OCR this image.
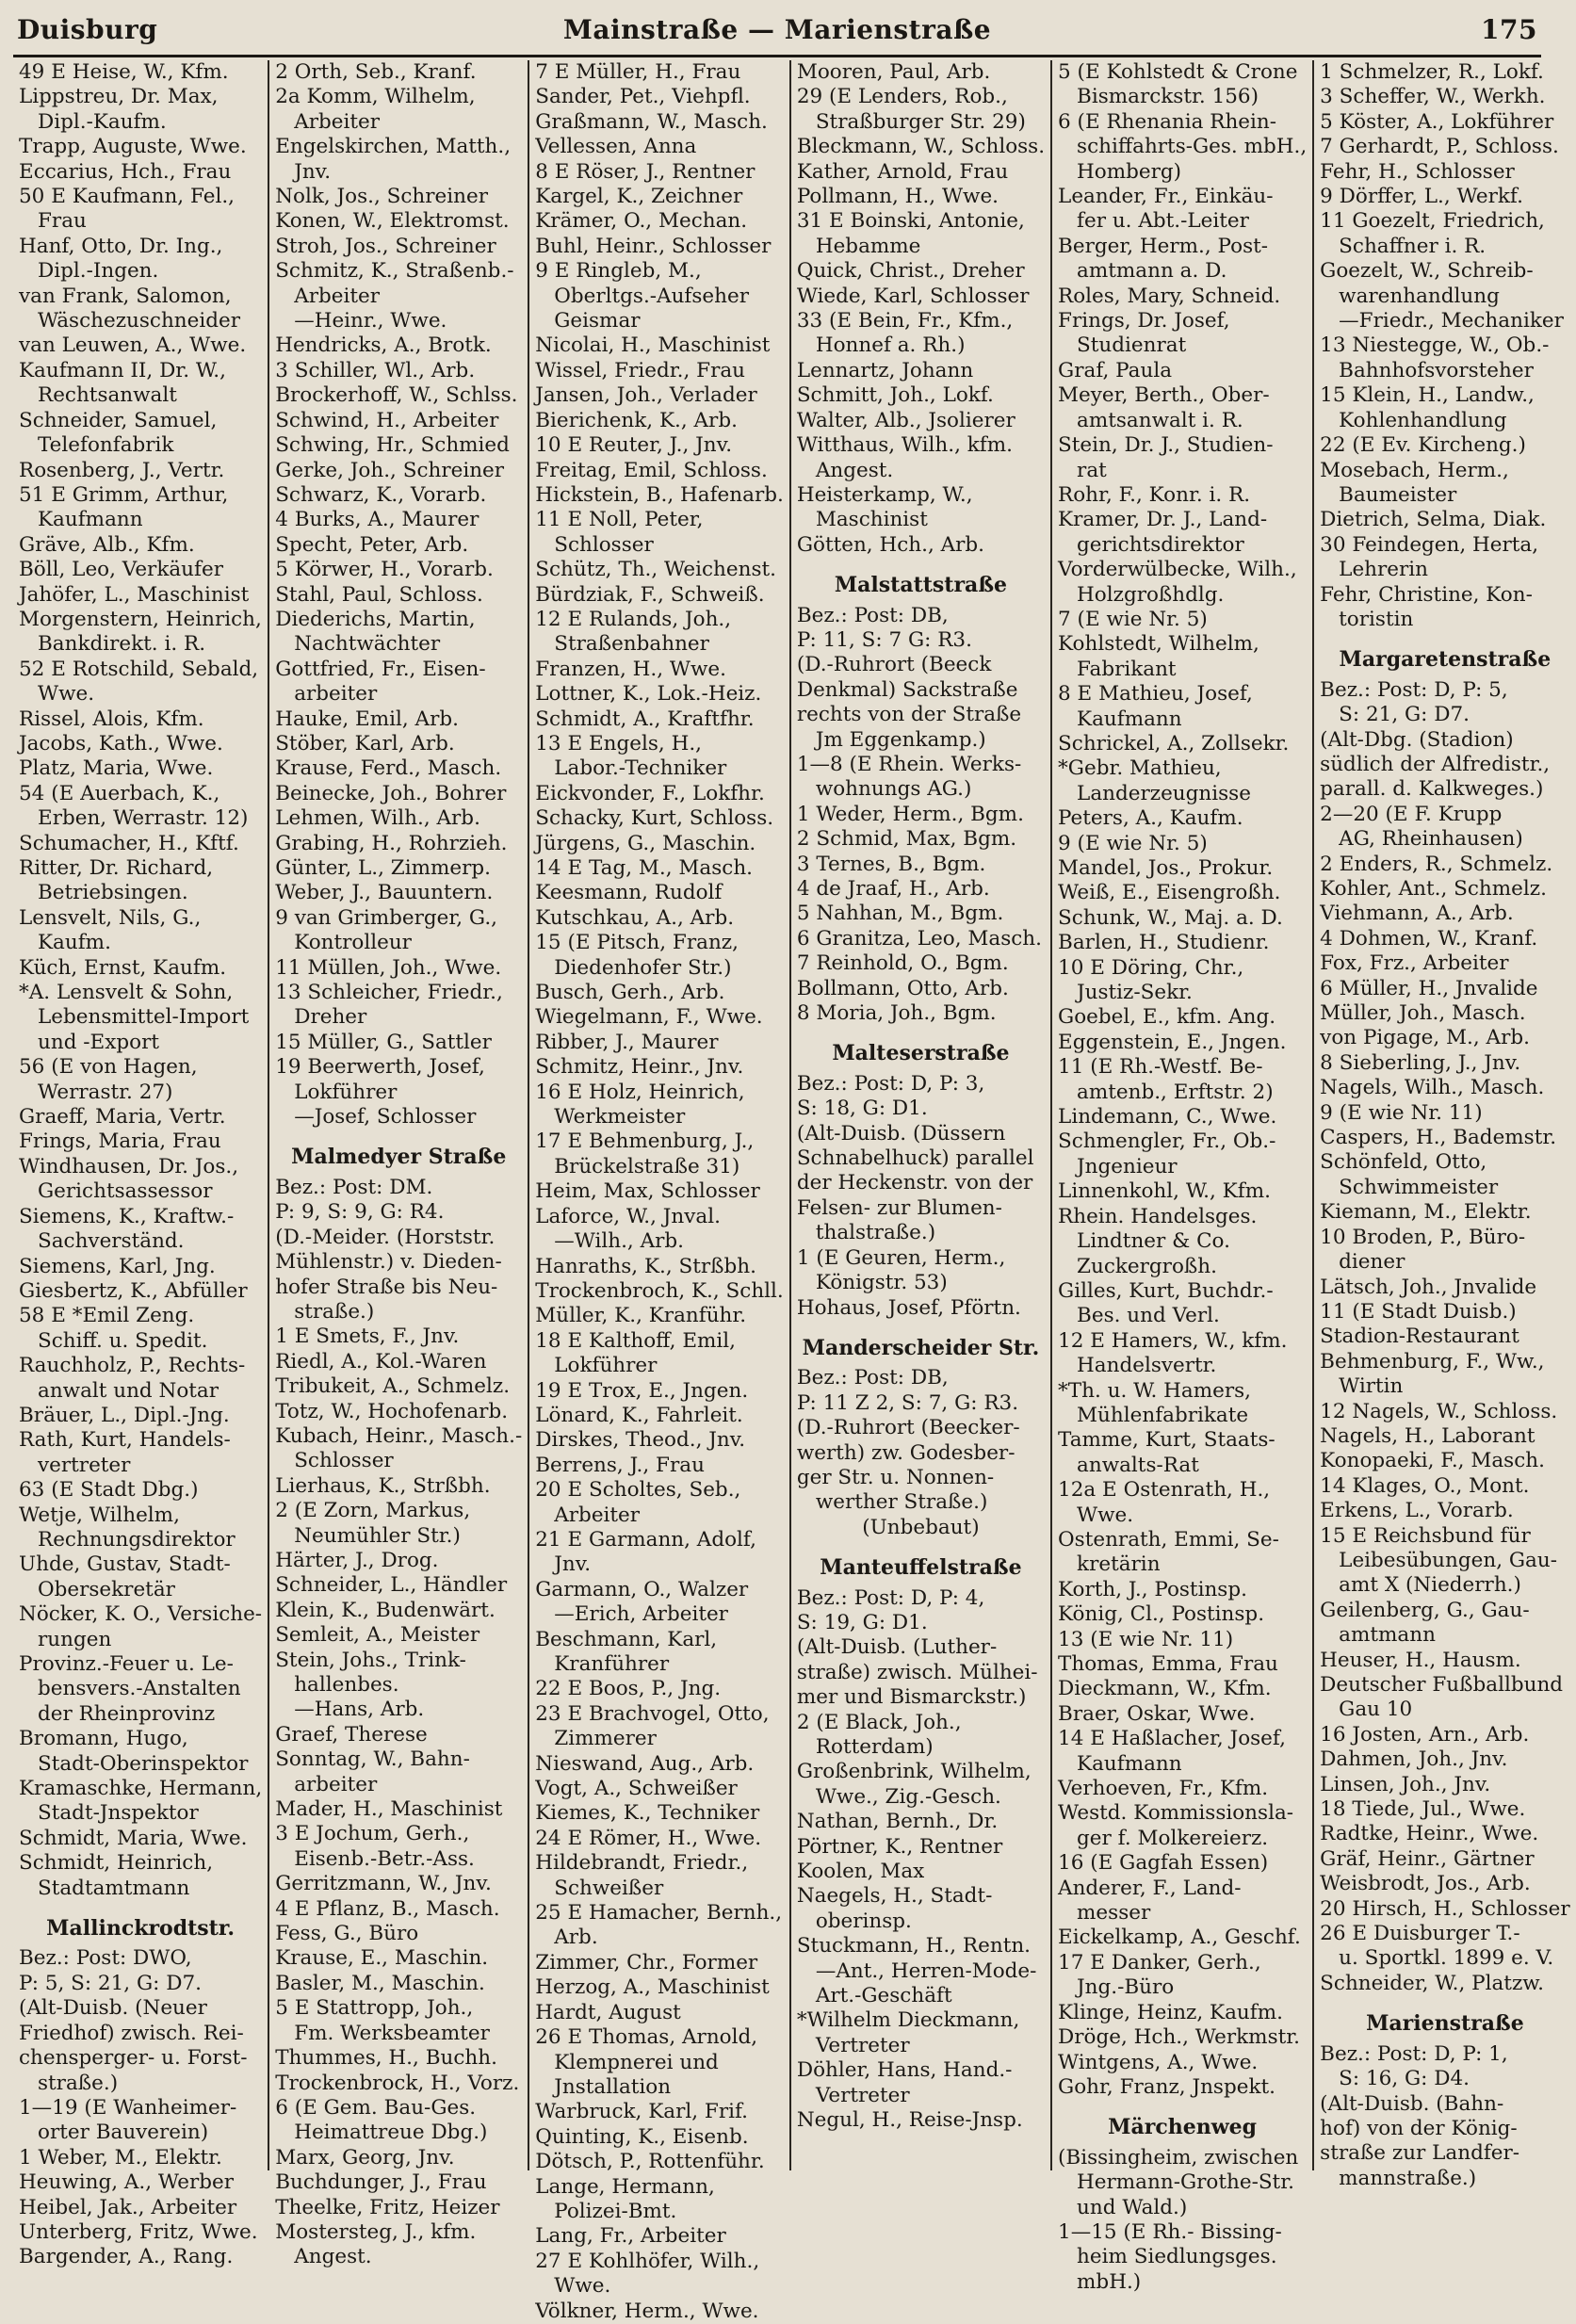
Duisburg	Mainstraße — Marienstraße	175
49 E Heise, W., Kfm.
Lippstreu, Dr. Max,
Dipl.-Kaufm.
Trapp, Auguste, Wwe.
Eccarius, Hch., Frau
50 E Kaufmann, Fel.,
Frau
Hanf, Otto, Dr. Ing.,
Dipl.-Ingen.
van Frank, Salomon,
Wäschezuschneider
van Leuwen, A., Wwe.
Kaufmann II, Dr. W.,
Rechtsanwalt
Schneider, Samuel,
Telefonfabrik
Rosenberg, J., Vertr.
51 E Grimm, Arthur,
Kaufmann
Gräve, Alb., Kfm.
Böll, Leo, Verkäufer
Jahöfer, L., Maschinist
Morgenstern, Heinrich,
Bankdirekt. i. R.
52 E Rotschild, Sebald,
Wwe.
Rissel, Alois, Kfm.
Jacobs, Kath., Wwe.
Platz, Maria, Wwe.
54 (E Auerbach, K.,
Erben, Werrastr. 12)
Schumacher, H., Kftf.
Ritter, Dr. Richard,
Betriebsingen.
Lensvelt, Nils, G.,
Kaufm.
Küch, Ernst, Kaufm.
*A. Lensvelt & Sohn,
Lebensmittel-Import
und -Export
56 (E von Hagen,
Werrastr. 27)
Graeff, Maria, Vertr.
Frings, Maria, Frau
Windhausen, Dr. Jos.,
Gerichtsassessor
Siemens, K., Kraftw.-
Sachverständ.
Siemens, Karl, Jng.
Giesbertz, K., Abfüller
58 E *Emil Zeng.
Schiff. u. Spedit.
Rauchholz, P., Rechts-
anwalt und Notar
Bräuer, L., Dipl.-Jng.
Rath, Kurt, Handels-
vertreter
63 (E Stadt Dbg.)
Wetje, Wilhelm,
Rechnungsdirektor
Uhde, Gustav, Stadt-
Obersekretär
Nöcker, K. O., Versiche-
rungen
Provinz.-Feuer u. Le-
bensvers.-Anstalten
der Rheinprovinz
Bromann, Hugo,
Stadt-Oberinspektor
Kramaschke, Hermann,
Stadt-Jnspektor
Schmidt, Maria, Wwe.
Schmidt, Heinrich,
Stadtamtmann
Mallinckrodtstr.
Bez.: Post: DWO,
P: 5, S: 21, G: D7.
(Alt-Duisb. (Neuer
Friedhof) zwisch. Rei-
chensperger- u. Forst-
straße.)
1—19 (E Wanheimer-
orter Bauverein)
1 Weber, M., Elektr.
Heuwing, A., Werber
Heibel, Jak., Arbeiter
Unterberg, Fritz, Wwe.
Bargender, A., Rang.
2 Orth, Seb., Kranf.
2a Komm, Wilhelm,
Arbeiter
Engelskirchen, Matth.,
Jnv.
Nolk, Jos., Schreiner
Konen, W., Elektromst.
Stroh, Jos., Schreiner
Schmitz, K., Straßenb.-
Arbeiter
—Heinr., Wwe.
Hendricks, A., Brotk.
3 Schiller, Wl., Arb.
Brockerhoff, W., Schlss.
Schwind, H., Arbeiter
Schwing, Hr., Schmied
Gerke, Joh., Schreiner
Schwarz, K., Vorarb.
4 Burks, A., Maurer
Specht, Peter, Arb.
5 Körwer, H., Vorarb.
Stahl, Paul, Schloss.
Diederichs, Martin,
Nachtwächter
Gottfried, Fr., Eisen-
arbeiter
Hauke, Emil, Arb.
Stöber, Karl, Arb.
Krause, Ferd., Masch.
Beinecke, Joh., Bohrer
Lehmen, Wilh., Arb.
Grabing, H., Rohrzieh.
Günter, L., Zimmerp.
Weber, J., Bauuntern.
9 van Grimberger, G.,
Kontrolleur
11 Müllen, Joh., Wwe.
13 Schleicher, Friedr.,
Dreher
15 Müller, G., Sattler
19 Beerwerth, Josef,
Lokführer
—Josef, Schlosser
Malmedyer Straße
Bez.: Post: DM.
P: 9, S: 9, G: R4.
(D.-Meider. (Horststr.
Mühlenstr.) v. Dieden-
hofer Straße bis Neu-
straße.)
1 E Smets, F., Jnv.
Riedl, A., Kol.-Waren
Tribukeit, A., Schmelz.
Totz, W., Hochofenarb.
Kubach, Heinr., Masch.-
Schlosser
Lierhaus, K., Strßbh.
2 (E Zorn, Markus,
Neumühler Str.)
Härter, J., Drog.
Schneider, L., Händler
Klein, K., Budenwärt.
Semleit, A., Meister
Stein, Johs., Trink-
hallenbes.
—Hans, Arb.
Graef, Therese
Sonntag, W., Bahn-
arbeiter
Mader, H., Maschinist
3 E Jochum, Gerh.,
Eisenb.-Betr.-Ass.
Gerritzmann, W., Jnv.
4 E Pflanz, B., Masch.
Fess, G., Büro
Krause, E., Maschin.
Basler, M., Maschin.
5 E Stattropp, Joh.,
Fm. Werksbeamter
Thummes, H., Buchh.
Trockenbrock, H., Vorz.
6 (E Gem. Bau-Ges.
Heimattreue Dbg.)
Marx, Georg, Jnv.
Buchdunger, J., Frau
Theelke, Fritz, Heizer
Mostersteg, J., kfm.
Angest.
7 E Müller, H., Frau
Sander, Pet., Viehpfl.
Graßmann, W., Masch.
Vellessen, Anna
8 E Röser, J., Rentner
Kargel, K., Zeichner
Krämer, O., Mechan.
Buhl, Heinr., Schlosser
9 E Ringleb, M.,
Oberltgs.-Aufseher
Geismar
Nicolai, H., Maschinist
Wissel, Friedr., Frau
Jansen, Joh., Verlader
Bierichenk, K., Arb.
10 E Reuter, J., Jnv.
Freitag, Emil, Schloss.
Hickstein, B., Hafenarb.
11 E Noll, Peter,
Schlosser
Schütz, Th., Weichenst.
Bürdziak, F., Schweiß.
12 E Rulands, Joh.,
Straßenbahner
Franzen, H., Wwe.
Lottner, K., Lok.-Heiz.
Schmidt, A., Kraftfhr.
13 E Engels, H.,
Labor.-Techniker
Eickvonder, F., Lokfhr.
Schacky, Kurt, Schloss.
Jürgens, G., Maschin.
14 E Tag, M., Masch.
Keesmann, Rudolf
Kutschkau, A., Arb.
15 (E Pitsch, Franz,
Diedenhofer Str.)
Busch, Gerh., Arb.
Wiegelmann, F., Wwe.
Ribber, J., Maurer
Schmitz, Heinr., Jnv.
16 E Holz, Heinrich,
Werkmeister
17 E Behmenburg, J.,
Brückelstraße 31)
Heim, Max, Schlosser
Laforce, W., Jnval.
—Wilh., Arb.
Hanraths, K., Strßbh.
Trockenbroch, K., Schll.
Müller, K., Kranführ.
18 E Kalthoff, Emil,
Lokführer
19 E Trox, E., Jngen.
Lönard, K., Fahrleit.
Dirskes, Theod., Jnv.
Berrens, J., Frau
20 E Scholtes, Seb.,
Arbeiter
21 E Garmann, Adolf,
Jnv.
Garmann, O., Walzer
—Erich, Arbeiter
Beschmann, Karl,
Kranführer
22 E Boos, P., Jng.
23 E Brachvogel, Otto,
Zimmerer
Nieswand, Aug., Arb.
Vogt, A., Schweißer
Kiemes, K., Techniker
24 E Römer, H., Wwe.
Hildebrandt, Friedr.,
Schweißer
25 E Hamacher, Bernh.,
Arb.
Zimmer, Chr., Former
Herzog, A., Maschinist
Hardt, August
26 E Thomas, Arnold,
Klempnerei und
Jnstallation
Warbruck, Karl, Frif.
Quinting, K., Eisenb.
Dötsch, P., Rottenführ.
Lange, Hermann,
Polizei-Bmt.
Lang, Fr., Arbeiter
27 E Kohlhöfer, Wilh.,
Wwe.
Völkner, Herm., Wwe.
Mooren, Paul, Arb.
29 (E Lenders, Rob.,
Straßburger Str. 29)
Bleckmann, W., Schloss.
Kather, Arnold, Frau
Pollmann, H., Wwe.
31 E Boinski, Antonie,
Hebamme
Quick, Christ., Dreher
Wiede, Karl, Schlosser
33 (E Bein, Fr., Kfm.,
Honnef a. Rh.)
Lennartz, Johann
Schmitt, Joh., Lokf.
Walter, Alb., Jsolierer
Witthaus, Wilh., kfm.
Angest.
Heisterkamp, W.,
Maschinist
Götten, Hch., Arb.
Malstattstraße
Bez.: Post: DB,
P: 11, S: 7 G: R3.
(D.-Ruhrort (Beeck
Denkmal) Sackstraße
rechts von der Straße
Jm Eggenkamp.)
1—8 (E Rhein. Werks-
wohnungs AG.)
1 Weder, Herm., Bgm.
2 Schmid, Max, Bgm.
3 Ternes, B., Bgm.
4 de Jraaf, H., Arb.
5 Nahhan, M., Bgm.
6 Granitza, Leo, Masch.
7 Reinhold, O., Bgm.
Bollmann, Otto, Arb.
8 Moria, Joh., Bgm.
Malteserstraße
Bez.: Post: D, P: 3,
S: 18, G: D1.
(Alt-Duisb. (Düssern
Schnabelhuck) parallel
der Heckenstr. von der
Felsen- zur Blumen-
thalstraße.)
1 (E Geuren, Herm.,
Königstr. 53)
Hohaus, Josef, Pförtn.
Manderscheider Str.
Bez.: Post: DB,
P: 11 Z 2, S: 7, G: R3.
(D.-Ruhrort (Beecker-
werth) zw. Godesber-
ger Str. u. Nonnen-
werther Straße.)
(Unbebaut)
Manteuffelstraße
Bez.: Post: D, P: 4,
S: 19, G: D1.
(Alt-Duisb. (Luther-
straße) zwisch. Mülhei-
mer und Bismarckstr.)
2 (E Black, Joh.,
Rotterdam)
Großenbrink, Wilhelm,
Wwe., Zig.-Gesch.
Nathan, Bernh., Dr.
Pörtner, K., Rentner
Koolen, Max
Naegels, H., Stadt-
oberinsp.
Stuckmann, H., Rentn.
—Ant., Herren-Mode-
Art.-Geschäft
*Wilhelm Dieckmann,
Vertreter
Döhler, Hans, Hand.-
Vertreter
Negul, H., Reise-Jnsp.
5 (E Kohlstedt & Crone
Bismarckstr. 156)
6 (E Rhenania Rhein-
schiffahrts-Ges. mbH.,
Homberg)
Leander, Fr., Einkäu-
fer u. Abt.-Leiter
Berger, Herm., Post-
amtmann a. D.
Roles, Mary, Schneid.
Frings, Dr. Josef,
Studienrat
Graf, Paula
Meyer, Berth., Ober-
amtsanwalt i. R.
Stein, Dr. J., Studien-
rat
Rohr, F., Konr. i. R.
Kramer, Dr. J., Land-
gerichtsdirektor
Vorderwülbecke, Wilh.,
Holzgroßhdlg.
7 (E wie Nr. 5)
Kohlstedt, Wilhelm,
Fabrikant
8 E Mathieu, Josef,
Kaufmann
Schrickel, A., Zollsekr.
*Gebr. Mathieu,
Landerzeugnisse
Peters, A., Kaufm.
9 (E wie Nr. 5)
Mandel, Jos., Prokur.
Weiß, E., Eisengroßh.
Schunk, W., Maj. a. D.
Barlen, H., Studienr.
10 E Döring, Chr.,
Justiz-Sekr.
Goebel, E., kfm. Ang.
Eggenstein, E., Jngen.
11 (E Rh.-Westf. Be-
amtenb., Erftstr. 2)
Lindemann, C., Wwe.
Schmengler, Fr., Ob.-
Jngenieur
Linnenkohl, W., Kfm.
Rhein. Handelsges.
Lindtner & Co.
Zuckergroßh.
Gilles, Kurt, Buchdr.-
Bes. und Verl.
12 E Hamers, W., kfm.
Handelsvertr.
*Th. u. W. Hamers,
Mühlenfabrikate
Tamme, Kurt, Staats-
anwalts-Rat
12a E Ostenrath, H.,
Wwe.
Ostenrath, Emmi, Se-
kretärin
Korth, J., Postinsp.
König, Cl., Postinsp.
13 (E wie Nr. 11)
Thomas, Emma, Frau
Dieckmann, W., Kfm.
Braer, Oskar, Wwe.
14 E Haßlacher, Josef,
Kaufmann
Verhoeven, Fr., Kfm.
Westd. Kommissionsla-
ger f. Molkereierz.
16 (E Gagfah Essen)
Anderer, F., Land-
messer
Eickelkamp, A., Geschf.
17 E Danker, Gerh.,
Jng.-Büro
Klinge, Heinz, Kaufm.
Dröge, Hch., Werkmstr.
Wintgens, A., Wwe.
Gohr, Franz, Jnspekt.
Märchenweg
(Bissingheim, zwischen
Hermann-Grothe-Str.
und Wald.)
1—15 (E Rh.- Bissing-
heim Siedlungsges.
mbH.)
1 Schmelzer, R., Lokf.
3 Scheffer, W., Werkh.
5 Köster, A., Lokführer
7 Gerhardt, P., Schloss.
Fehr, H., Schlosser
9 Dörffer, L., Werkf.
11 Goezelt, Friedrich,
Schaffner i. R.
Goezelt, W., Schreib-
warenhandlung
—Friedr., Mechaniker
13 Niestegge, W., Ob.-
Bahnhofsvorsteher
15 Klein, H., Landw.,
Kohlenhandlung
22 (E Ev. Kircheng.)
Mosebach, Herm.,
Baumeister
Dietrich, Selma, Diak.
30 Feindegen, Herta,
Lehrerin
Fehr, Christine, Kon-
toristin
Margaretenstraße
Bez.: Post: D, P: 5,
S: 21, G: D7.
(Alt-Dbg. (Stadion)
südlich der Alfredistr.,
parall. d. Kalkweges.)
2—20 (E F. Krupp
AG, Rheinhausen)
2 Enders, R., Schmelz.
Kohler, Ant., Schmelz.
Viehmann, A., Arb.
4 Dohmen, W., Kranf.
Fox, Frz., Arbeiter
6 Müller, H., Jnvalide
Müller, Joh., Masch.
von Pigage, M., Arb.
8 Sieberling, J., Jnv.
Nagels, Wilh., Masch.
9 (E wie Nr. 11)
Caspers, H., Bademstr.
Schönfeld, Otto,
Schwimmeister
Kiemann, M., Elektr.
10 Broden, P., Büro-
diener
Lätsch, Joh., Jnvalide
11 (E Stadt Duisb.)
Stadion-Restaurant
Behmenburg, F., Ww.,
Wirtin
12 Nagels, W., Schloss.
Nagels, H., Laborant
Konopaeki, F., Masch.
14 Klages, O., Mont.
Erkens, L., Vorarb.
15 E Reichsbund für
Leibesübungen, Gau-
amt X (Niederrh.)
Geilenberg, G., Gau-
amtmann
Heuser, H., Hausm.
Deutscher Fußballbund
Gau 10
16 Josten, Arn., Arb.
Dahmen, Joh., Jnv.
Linsen, Joh., Jnv.
18 Tiede, Jul., Wwe.
Radtke, Heinr., Wwe.
Gräf, Heinr., Gärtner
Weisbrodt, Jos., Arb.
20 Hirsch, H., Schlosser
26 E Duisburger T.-
u. Sportkl. 1899 e. V.
Schneider, W., Platzw.
Marienstraße
Bez.: Post: D, P: 1,
S: 16, G: D4.
(Alt-Duisb. (Bahn-
hof) von der König-
straße zur Landfer-
mannstraße.)
